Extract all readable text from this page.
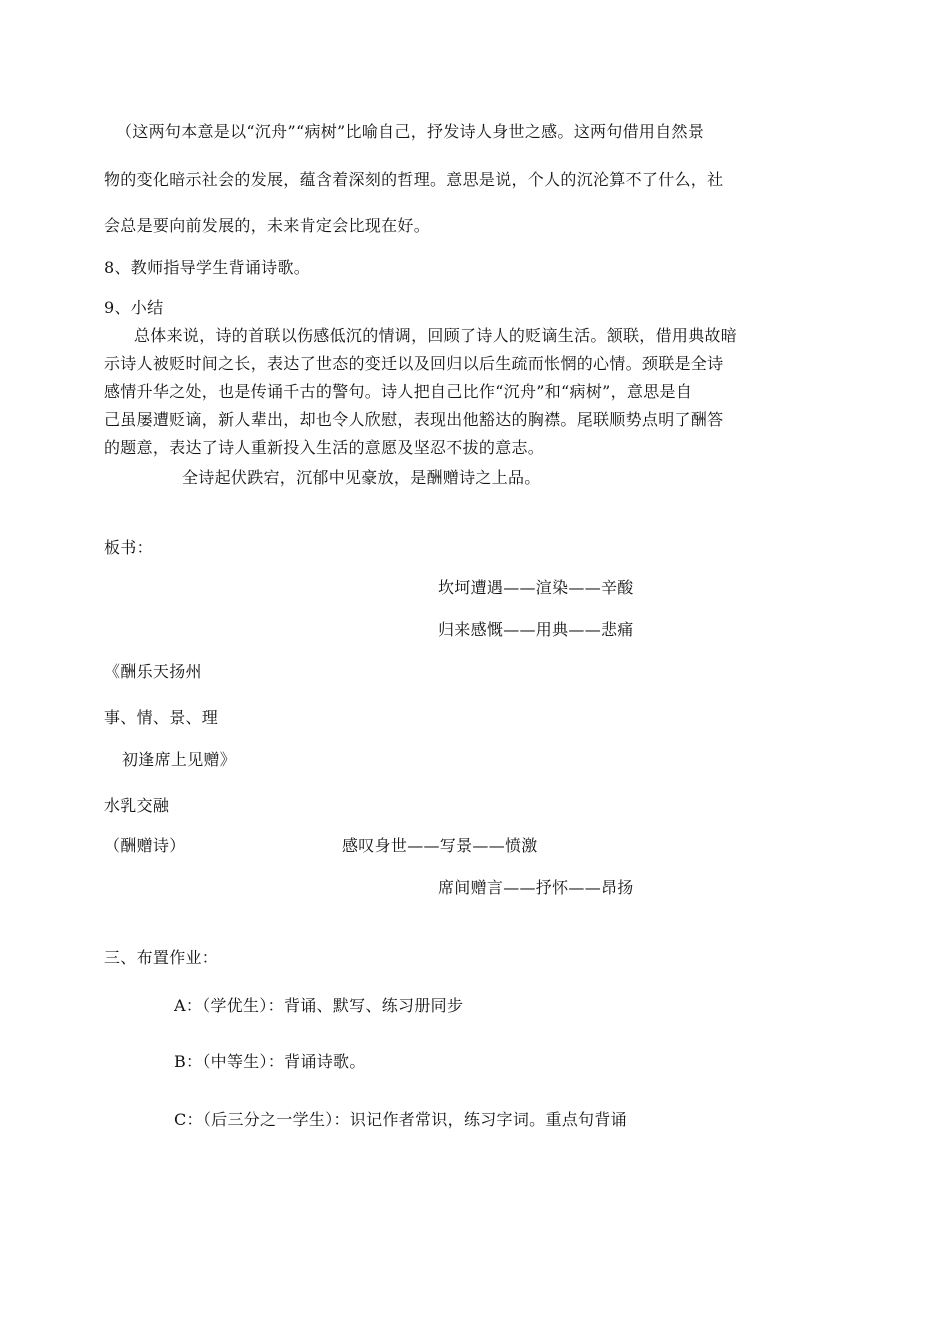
（这两句本意是以“沉舟”“病树”比喻自己，抒发诗人身世之感。这两句借用自然景
物的变化暗示社会的发展，蕴含着深刻的哲理。意思是说，个人的沉沦算不了什么，社
会总是要向前发展的，未来肯定会比现在好。
8、教师指导学生背诵诗歌。
9、小结
总体来说，诗的首联以伤感低沉的情调，回顾了诗人的贬谪生活。颔联，借用典故暗
示诗人被贬时间之长，表达了世态的变迁以及回归以后生疏而怅惘的心情。颈联是全诗
感情升华之处，也是传诵千古的警句。诗人把自己比作“沉舟”和“病树”，意思是自
己虽屡遭贬谪，新人辈出，却也令人欣慰，表现出他豁达的胸襟。尾联顺势点明了酬答
的题意，表达了诗人重新投入生活的意愿及坚忍不拔的意志。
全诗起伏跌宕，沉郁中见豪放，是酬赠诗之上品。
板书：
坎坷遭遇——渲染——辛酸
归来感慨——用典——悲痛
《酬乐天扬州
事、情、景、理
初逢席上见赠》
水乳交融
（酬赠诗）	感叹身世——写景——愤激
席间赠言——抒怀——昂扬
三、布置作业：
A：（学优生）：背诵、默写、练习册同步
B：（中等生）：背诵诗歌。
C：（后三分之一学生）：识记作者常识，练习字词。重点句背诵
